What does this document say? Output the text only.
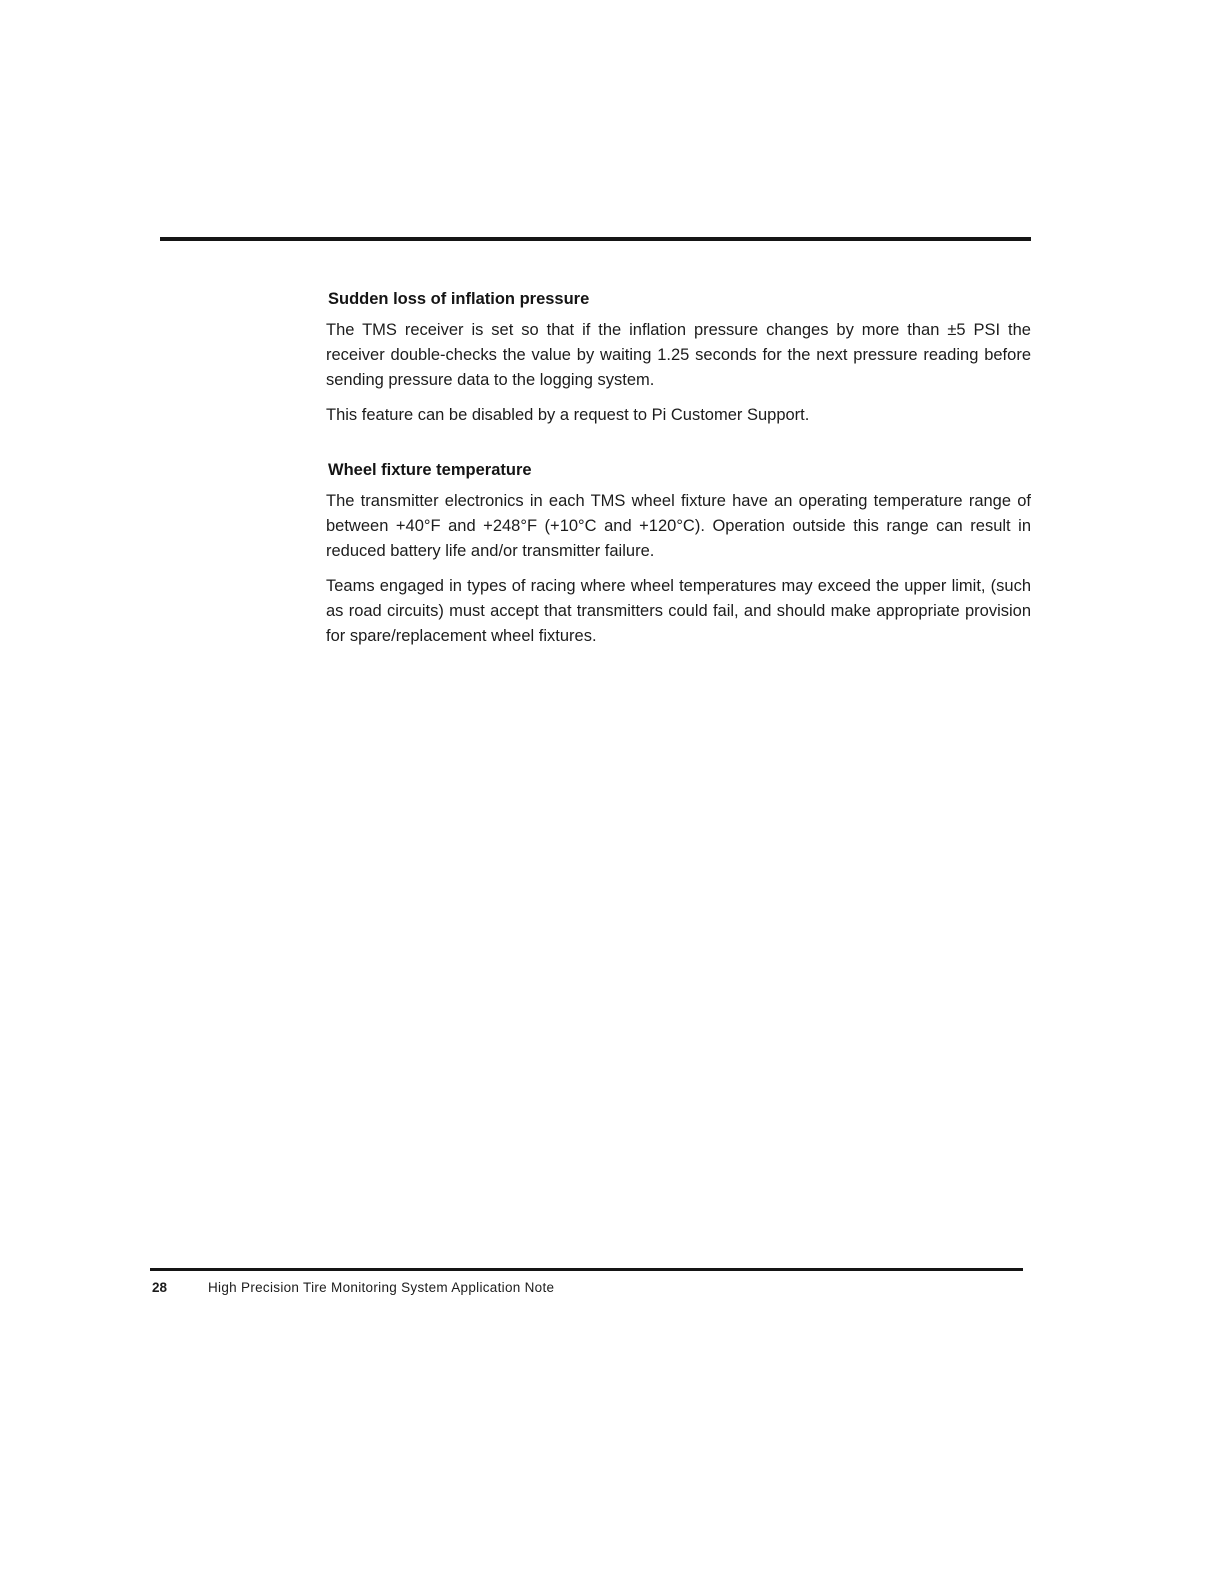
Sudden loss of inflation pressure

The TMS receiver is set so that if the inflation pressure changes by more than ±5 PSI the receiver double-checks the value by waiting 1.25 seconds for the next pressure reading before sending pressure data to the logging system.

This feature can be disabled by a request to Pi Customer Support.

Wheel fixture temperature

The transmitter electronics in each TMS wheel fixture have an operating temperature range of between +40°F and +248°F (+10°C and +120°C). Operation outside this range can result in reduced battery life and/or transmitter failure.

Teams engaged in types of racing where wheel temperatures may exceed the upper limit, (such as road circuits) must accept that transmitters could fail, and should make appropriate provision for spare/replacement wheel fixtures.

28	High Precision Tire Monitoring System Application Note
